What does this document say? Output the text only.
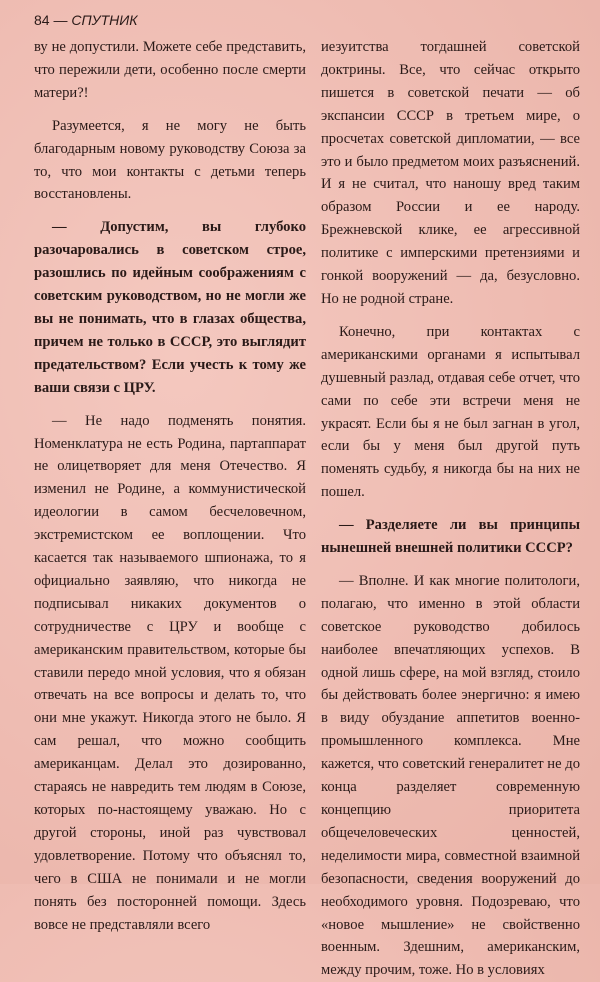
84 — СПУТНИК

ву не допустили. Можете себе представить, что пережили дети, особенно после смерти матери?!

Разумеется, я не могу не быть благодарным новому руководству Союза за то, что мои контакты с детьми теперь восстановлены.

— Допустим, вы глубоко разочаровались в советском строе, разошлись по идейным соображениям с советским руководством, но не могли же вы не понимать, что в глазах общества, причем не только в СССР, это выглядит предательством? Если учесть к тому же ваши связи с ЦРУ.

— Не надо подменять понятия. Номенклатура не есть Родина, партаппарат не олицетворяет для меня Отечество. Я изменил не Родине, а коммунистической идеологии в самом бесчеловечном, экстремистском ее воплощении. Что касается так называемого шпионажа, то я официально заявляю, что никогда не подписывал никаких документов о сотрудничестве с ЦРУ и вообще с американским правительством, которые бы ставили передо мной условия, что я обязан отвечать на все вопросы и делать то, что они мне укажут. Никогда этого не было. Я сам решал, что можно сообщить американцам. Делал это дозированно, стараясь не навредить тем людям в Союзе, которых по-настоящему уважаю. Но с другой стороны, иной раз чувствовал удовлетворение. Потому что объяснял то, чего в США не понимали и не могли понять без посторонней помощи. Здесь вовсе не представляли всего

иезуитства тогдашней советской доктрины. Все, что сейчас открыто пишется в советской печати — об экспансии СССР в третьем мире, о просчетах советской дипломатии, — все это и было предметом моих разъяснений. И я не считал, что наношу вред таким образом России и ее народу. Брежневской клике, ее агрессивной политике с имперскими претензиями и гонкой вооружений — да, безусловно. Но не родной стране.

Конечно, при контактах с американскими органами я испытывал душевный разлад, отдавая себе отчет, что сами по себе эти встречи меня не украсят. Если бы я не был загнан в угол, если бы у меня был другой путь поменять судьбу, я никогда бы на них не пошел.

— Разделяете ли вы принципы нынешней внешней политики СССР?

— Вполне. И как многие политологи, полагаю, что именно в этой области советское руководство добилось наиболее впечатляющих успехов. В одной лишь сфере, на мой взгляд, стоило бы действовать более энергично: я имею в виду обуздание аппетитов военно-промышленного комплекса. Мне кажется, что советский генералитет не до конца разделяет современную концепцию приоритета общечеловеческих ценностей, неделимости мира, совместной взаимной безопасности, сведения вооружений до необходимого уровня. Подозреваю, что «новое мышление» не свойственно военным. Здешним, американским, между прочим, тоже. Но в условиях
